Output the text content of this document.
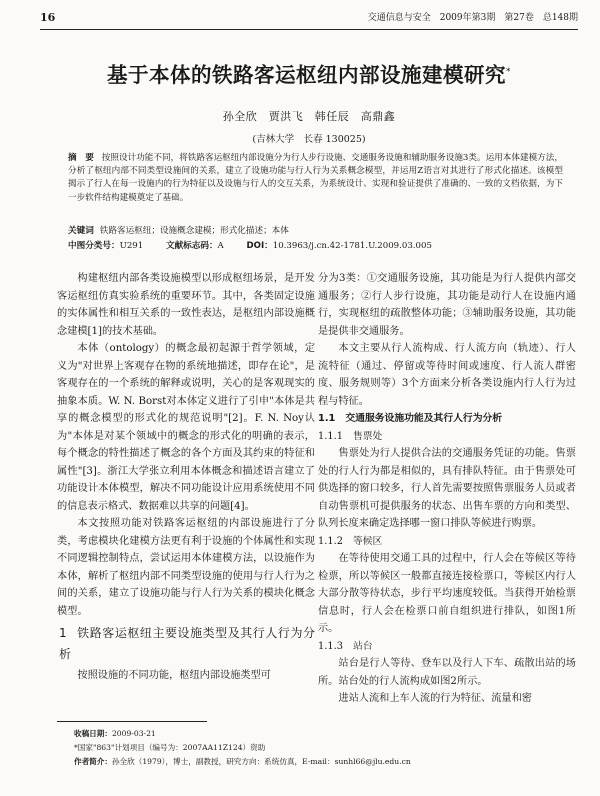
16	交通信息与安全　2009年第3期　第27卷　总148期
基于本体的铁路客运枢纽内部设施建模研究*
孙全欣　贾洪飞　韩任辰　高鼎鑫
(吉林大学　长春 130025)
摘　要 按照设计功能不同，将铁路客运枢纽内部设施分为行人步行设施、交通服务设施和辅助服务设施3类。运用本体建模方法，分析了枢纽内部不同类型设施间的关系，建立了设施功能与行人行为关系概念模型，并运用Z语言对其进行了形式化描述。该模型揭示了行人在每一设施内的行为特征以及设施与行人的交互关系，为系统设计、实现和验证提供了准确的、一致的文档依据，为下一步软件结构建模奠定了基础。
关键词 铁路客运枢纽；设施概念建模；形式化描述；本体
中图分类号：U291	文献标志码：A	DOI：10.3963/j.cn.42-1781.U.2009.03.005

构建枢纽内部各类设施模型以形成枢纽场景，是开发客运枢纽仿真实验系统的重要环节。其中，各类固定设施的实体属性和相互关系的一致性表达，是枢纽内部设施概念建模[1]的技术基础。

本体（ontology）的概念最初起源于哲学领域，定义为"对世界上客观存在物的系统地描述，即存在论"，是客观存在的一个系统的解释或说明，关心的是客观现实的抽象本质。W. N. Borst对本体定义进行了引申"本体是共享的概念模型的形式化的规范说明"[2]。F. N. Noy认为"本体是对某个领域中的概念的形式化的明确的表示，每个概念的特性描述了概念的各个方面及其约束的特征和属性"[3]。浙江大学张立利用本体概念和描述语言建立了功能设计本体模型，解决不同功能设计应用系统使用不同的信息表示格式、数据难以共享的问题[4]。

本文按照功能对铁路客运枢纽的内部设施进行了分类，考虑模块化建模方法更有利于设施的个体属性和实现不同逻辑控制特点，尝试运用本体建模方法，以设施作为本体，解析了枢纽内部不同类型设施的使用与行人行为之间的关系，建立了设施功能与行人行为关系的模块化概念模型。

1 铁路客运枢纽主要设施类型及其行人行为分析

按照设施的不同功能，枢纽内部设施类型可

分为3类：①交通服务设施，其功能是为行人提供内部交通服务；②行人步行设施，其功能是动行人在设施内通行，实现枢纽的疏散整体功能；③辅助服务设施，其功能是提供非交通服务。

本文主要从行人流构成、行人流方向（轨迹）、行人流特征（通过、停留或等待时间或速度、行人流人群密度、服务规则等）3个方面来分析各类设施内行人行为过程与特征。

1.1 交通服务设施功能及其行人行为分析
1.1.1 售票处

售票处为行人提供合法的交通服务凭证的功能。售票处的行人行为都是相似的，具有排队特征。由于售票处可供选择的窗口较多，行人首先需要按照售票服务人员或者自动售票机可提供服务的状态、出售车票的方向和类型、队列长度来确定选择哪一窗口排队等候进行购票。

1.1.2 等候区

在等待使用交通工具的过程中，行人会在等候区等待检票，所以等候区一般都直接连接检票口，等候区内行人大部分散等待状态，步行平均速度较低。当获得开始检票信息时，行人会在检票口前自组织进行排队，如图1所示。

1.1.3 站台

站台是行人等待、登车以及行人下车、疏散出站的场所。站台处的行人流构成如图2所示。

进站人流和上车人流的行为特征、流量和密

收稿日期：2009-03-21
*国家"863"计划项目（编号为：2007AA11Z124）资助
作者简介：孙全欣（1979），博士，副教授，研究方向：系统仿真，E-mail：sunhl66@jlu.edu.cn
